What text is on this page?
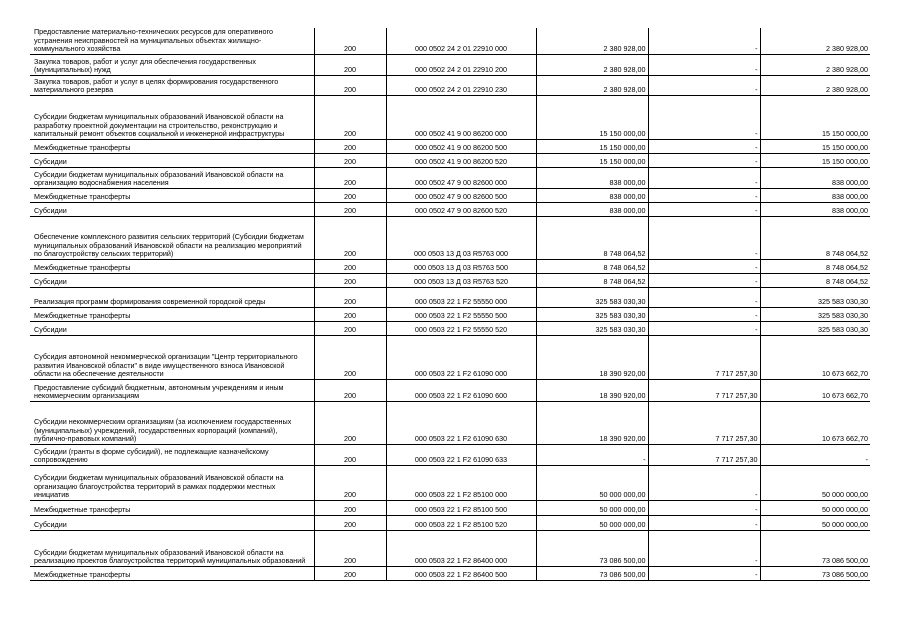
Предоставление материально-технических ресурсов для оперативного устранения неисправностей на муниципальных объектах жилищно-коммунального хозяйства	200	000 0502 24 2 01 22910 000	2 380 928,00	-	2 380 928,00
Закупка товаров, работ и услуг для обеспечения государственных (муниципальных) нужд	200	000 0502 24 2 01 22910 200	2 380 928,00	-	2 380 928,00
Закупка товаров, работ и услуг в целях формирования государственного материального резерва	200	000 0502 24 2 01 22910 230	2 380 928,00	-	2 380 928,00
Субсидии бюджетам муниципальных образований Ивановской области на разработку проектной документации на строительство, реконструкцию и капитальный ремонт объектов социальной и инженерной инфраструктуры	200	000 0502 41 9 00 86200 000	15 150 000,00	-	15 150 000,00
Межбюджетные трансферты	200	000 0502 41 9 00 86200 500	15 150 000,00	-	15 150 000,00
Субсидии	200	000 0502 41 9 00 86200 520	15 150 000,00	-	15 150 000,00
Субсидии бюджетам муниципальных образований Ивановской области на организацию водоснабжения населения	200	000 0502 47 9 00 82600 000	838 000,00	-	838 000,00
Межбюджетные трансферты	200	000 0502 47 9 00 82600 500	838 000,00	-	838 000,00
Субсидии	200	000 0502 47 9 00 82600 520	838 000,00	-	838 000,00
Обеспечение комплексного развития сельских территорий (Субсидии бюджетам муниципальных образований Ивановской области на реализацию мероприятий по благоустройству сельских территорий)	200	000 0503 13 Д 03 R5763 000	8 748 064,52	-	8 748 064,52
Межбюджетные трансферты	200	000 0503 13 Д 03 R5763 500	8 748 064,52	-	8 748 064,52
Субсидии	200	000 0503 13 Д 03 R5763 520	8 748 064,52	-	8 748 064,52
Реализация программ формирования современной городской среды	200	000 0503 22 1 F2 55550 000	325 583 030,30	-	325 583 030,30
Межбюджетные трансферты	200	000 0503 22 1 F2 55550 500	325 583 030,30	-	325 583 030,30
Субсидии	200	000 0503 22 1 F2 55550 520	325 583 030,30	-	325 583 030,30
Субсидия автономной некоммерческой организации "Центр территориального развития Ивановской области" в виде имущественного взноса Ивановской области на обеспечение деятельности	200	000 0503 22 1 F2 61090 000	18 390 920,00	7 717 257,30	10 673 662,70
Предоставление субсидий бюджетным, автономным учреждениям и иным некоммерческим организациям	200	000 0503 22 1 F2 61090 600	18 390 920,00	7 717 257,30	10 673 662,70
Субсидии некоммерческим организациям (за исключением государственных (муниципальных) учреждений, государственных корпораций (компаний), публично-правовых компаний)	200	000 0503 22 1 F2 61090 630	18 390 920,00	7 717 257,30	10 673 662,70
Субсидии (гранты в форме субсидий), не подлежащие казначейскому сопровождению	200	000 0503 22 1 F2 61090 633	-	7 717 257,30	-
Субсидии бюджетам муниципальных образований Ивановской области на организацию благоустройства территорий в рамках поддержки местных инициатив	200	000 0503 22 1 F2 85100 000	50 000 000,00	-	50 000 000,00
Межбюджетные трансферты	200	000 0503 22 1 F2 85100 500	50 000 000,00	-	50 000 000,00
Субсидии	200	000 0503 22 1 F2 85100 520	50 000 000,00	-	50 000 000,00
Субсидии бюджетам муниципальных образований Ивановской области на реализацию проектов благоустройства территорий муниципальных образований	200	000 0503 22 1 F2 86400 000	73 086 500,00	-	73 086 500,00
Межбюджетные трансферты	200	000 0503 22 1 F2 86400 500	73 086 500,00	-	73 086 500,00
